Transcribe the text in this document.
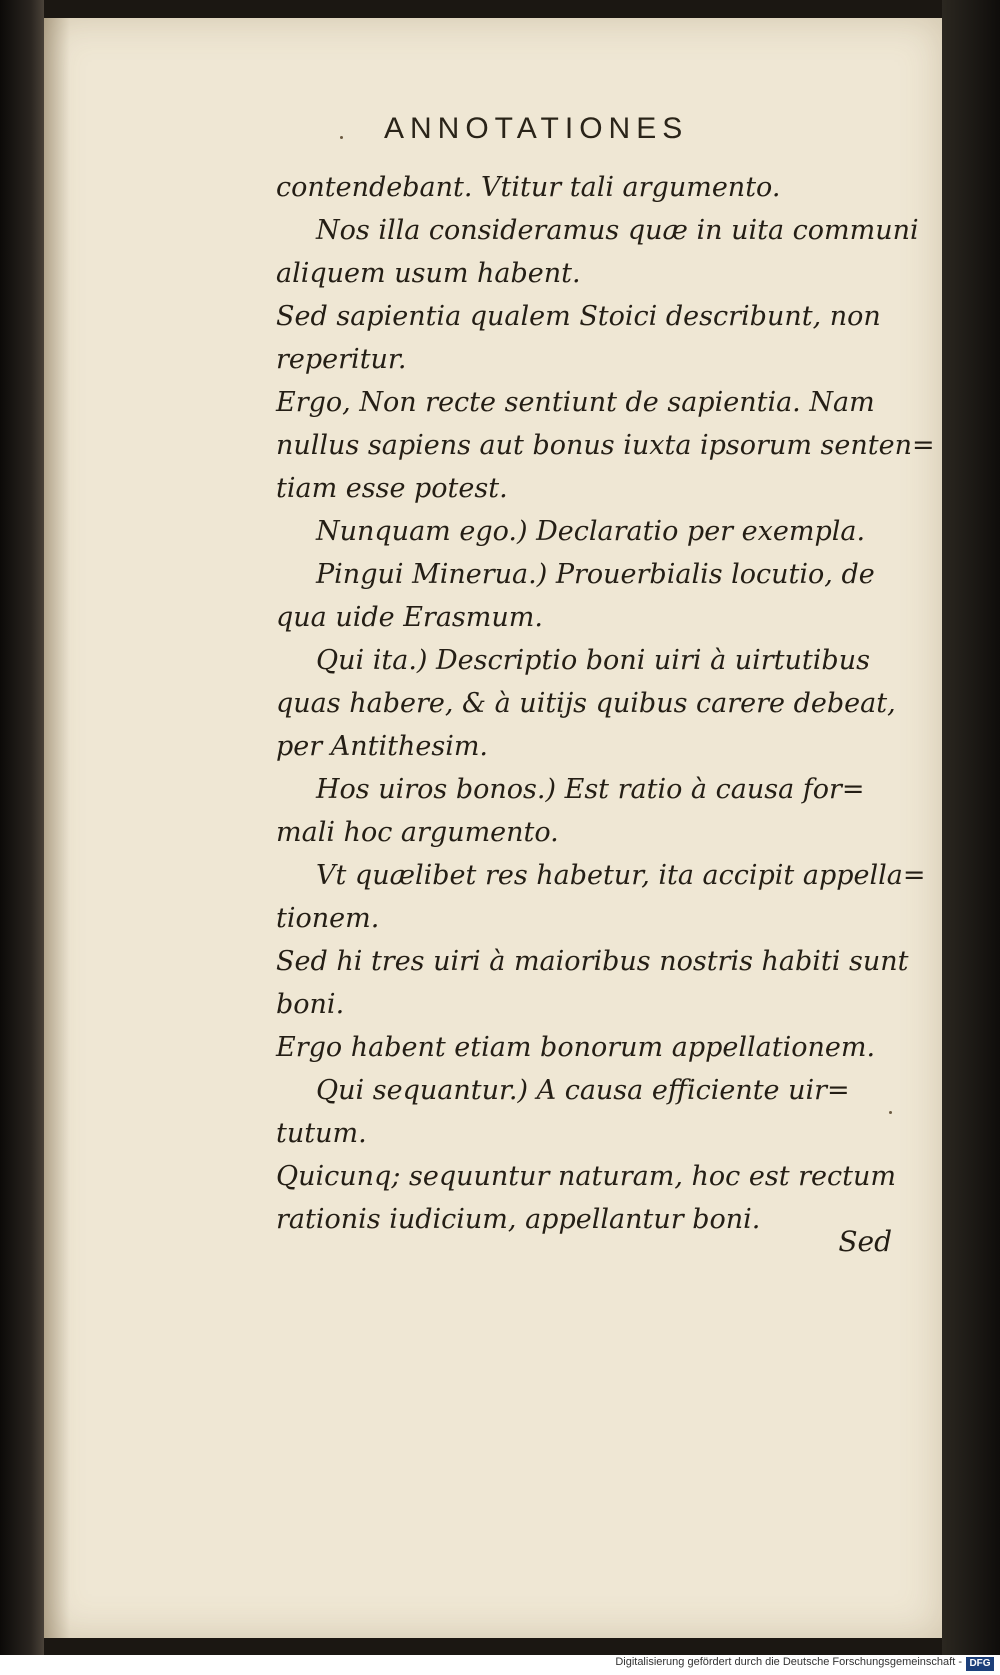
ANNOTATIONES
contendebant. Vtitur tali argumento.
Nos illa consideramus quæ in uita communi
aliquem usum habent.
Sed sapientia qualem Stoici describunt, non
reperitur.
Ergo, Non recte sentiunt de sapientia. Nam
nullus sapiens aut bonus iuxta ipsorum senten=
tiam esse potest.
Nunquam ego.) Declaratio per exempla.
Pingui Minerua.) Prouerbialis locutio, de
qua uide Erasmum.
Qui ita.) Descriptio boni uiri à uirtutibus
quas habere, & à uitijs quibus carere debeat,
per Antithesim.
Hos uiros bonos.) Est ratio à causa for=
mali hoc argumento.
Vt quælibet res habetur, ita accipit appella=
tionem.
Sed hi tres uiri à maioribus nostris habiti sunt
boni.
Ergo habent etiam bonorum appellationem.
Qui sequantur.) A causa efficiente uir=
tutum.
Quicunq; sequuntur naturam, hoc est rectum
rationis iudicium, appellantur boni.
Sed
Digitalisierung gefördert durch die Deutsche Forschungsgemeinschaft - DFG
